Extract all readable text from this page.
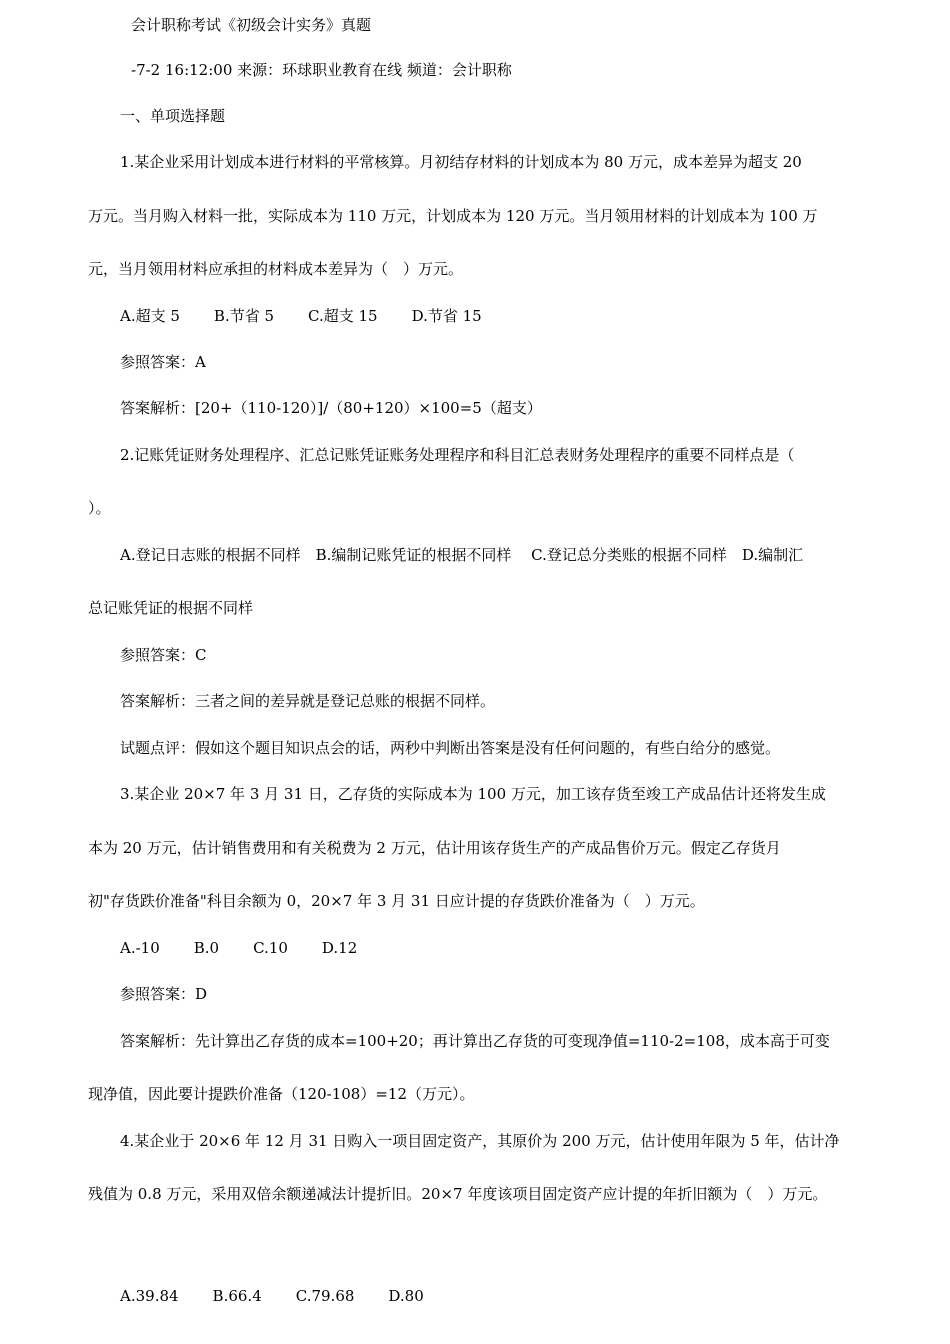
会计职称考试《初级会计实务》真题
-7-2 16:12:00 来源：环球职业教育在线 频道：会计职称
一、单项选择题
1.某企业采用计划成本进行材料的平常核算。月初结存材料的计划成本为 80 万元，成本差异为超支 20
万元。当月购入材料一批，实际成本为 110 万元，计划成本为 120 万元。当月领用材料的计划成本为 100 万
元，当月领用材料应承担的材料成本差异为（　）万元。
A.超支 5 B.节省 5 C.超支 15 D.节省 15
参照答案：A
答案解析：[20+（110-120）]/（80+120）×100=5（超支）
2.记账凭证财务处理程序、汇总记账凭证账务处理程序和科目汇总表财务处理程序的重要不同样点是（
）。
A.登记日志账的根据不同样　B.编制记账凭证的根据不同样　 C.登记总分类账的根据不同样　D.编制汇
总记账凭证的根据不同样
参照答案：C
答案解析：三者之间的差异就是登记总账的根据不同样。
试题点评：假如这个题目知识点会的话，两秒中判断出答案是没有任何问题的，有些白给分的感觉。
3.某企业 20×7 年 3 月 31 日，乙存货的实际成本为 100 万元，加工该存货至竣工产成品估计还将发生成
本为 20 万元，估计销售费用和有关税费为 2 万元，估计用该存货生产的产成品售价万元。假定乙存货月
初"存货跌价准备"科目余额为 0，20×7 年 3 月 31 日应计提的存货跌价准备为（　）万元。
A.-10 B.0 C.10 D.12
参照答案：D
答案解析：先计算出乙存货的成本=100+20；再计算出乙存货的可变现净值=110-2=108，成本高于可变
现净值，因此要计提跌价准备（120-108）=12（万元）。
4.某企业于 20×6 年 12 月 31 日购入一项目固定资产，其原价为 200 万元，估计使用年限为 5 年，估计净
残值为 0.8 万元，采用双倍余额递减法计提折旧。20×7 年度该项目固定资产应计提的年折旧额为（　）万元。
A.39.84 B.66.4 C.79.68 D.80
